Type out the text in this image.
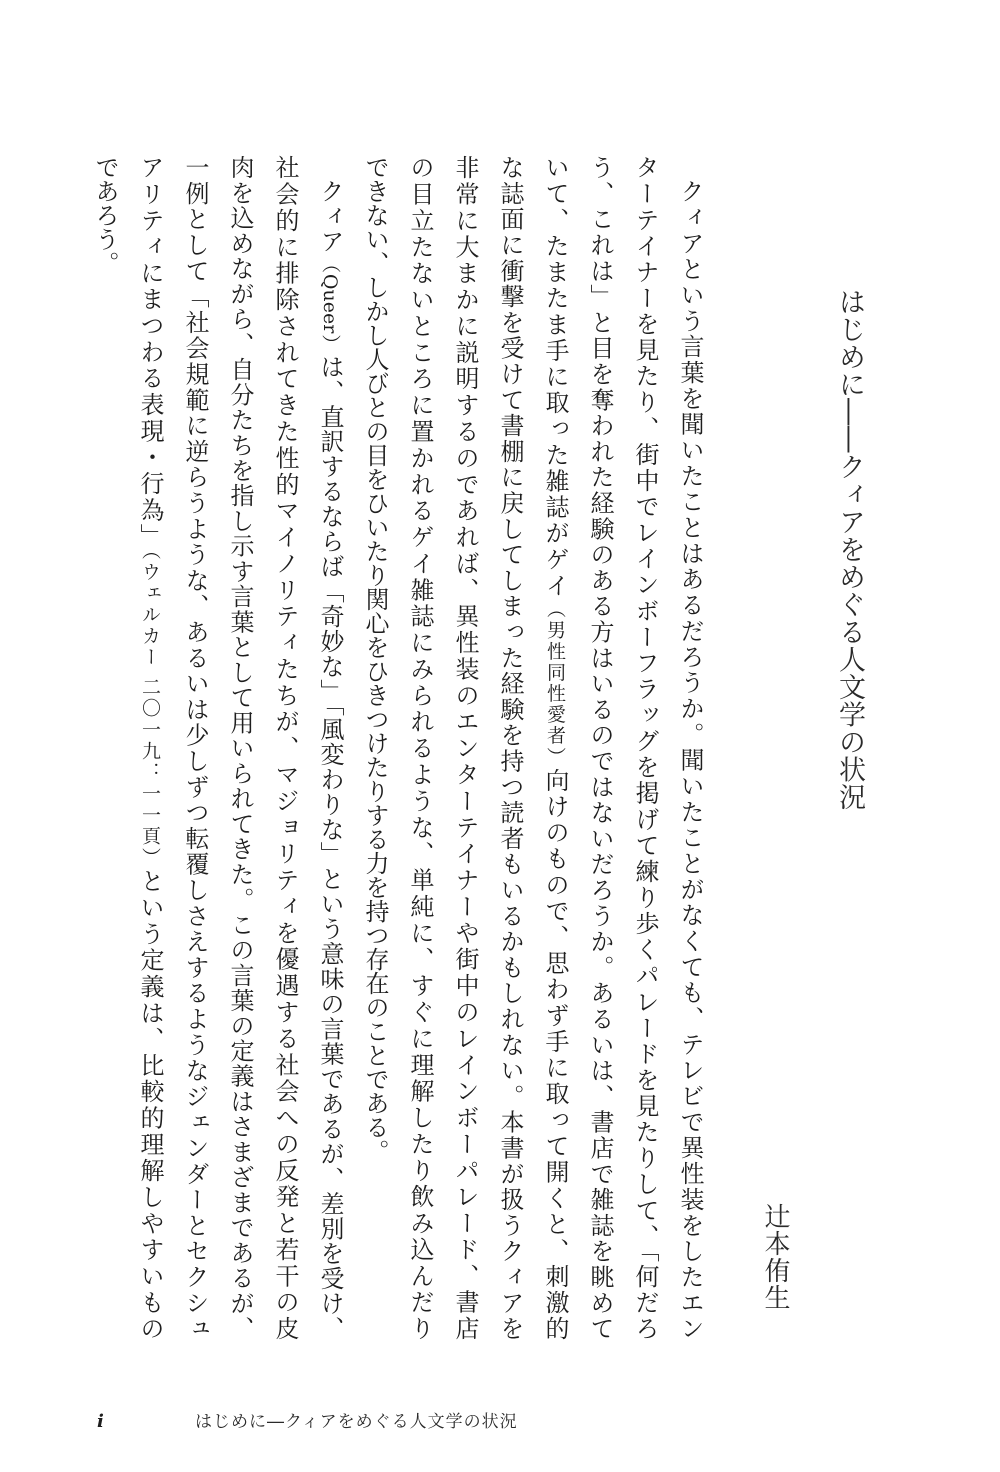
はじめに――クィアをめぐる人文学の状況
辻本侑生
クィアという言葉を聞いたことはあるだろうか。聞いたことがなくても、テレビで異性装をしたエン
ターテイナーを見たり、街中でレインボーフラッグを掲げて練り歩くパレードを見たりして、「何だろ
う、これは」と目を奪われた経験のある方はいるのではないだろうか。あるいは、書店で雑誌を眺めて
いて、たまたま手に取った雑誌がゲイ（男性同性愛者）向けのもので、思わず手に取って開くと、刺激的
な誌面に衝撃を受けて書棚に戻してしまった経験を持つ読者もいるかもしれない。本書が扱うクィアを
非常に大まかに説明するのであれば、異性装のエンターテイナーや街中のレインボーパレード、書店
の目立たないところに置かれるゲイ雑誌にみられるような、単純に、すぐに理解したり飲み込んだり
できない、しかし人びとの目をひいたり関心をひきつけたりする力を持つ存在のことである。
クィア（Queer）は、直訳するならば「奇妙な」「風変わりな」という意味の言葉であるが、差別を受け、
社会的に排除されてきた性的マイノリティたちが、マジョリティを優遇する社会への反発と若干の皮
肉を込めながら、自分たちを指し示す言葉として用いられてきた。この言葉の定義はさまざまであるが、
一例として「社会規範に逆らうような、あるいは少しずつ転覆しさえするようなジェンダーとセクシュ
アリティにまつわる表現・行為」（ウェルカー 二〇一九：一一頁）という定義は、比較的理解しやすいもの
であろう。
i	はじめに―クィアをめぐる人文学の状況
